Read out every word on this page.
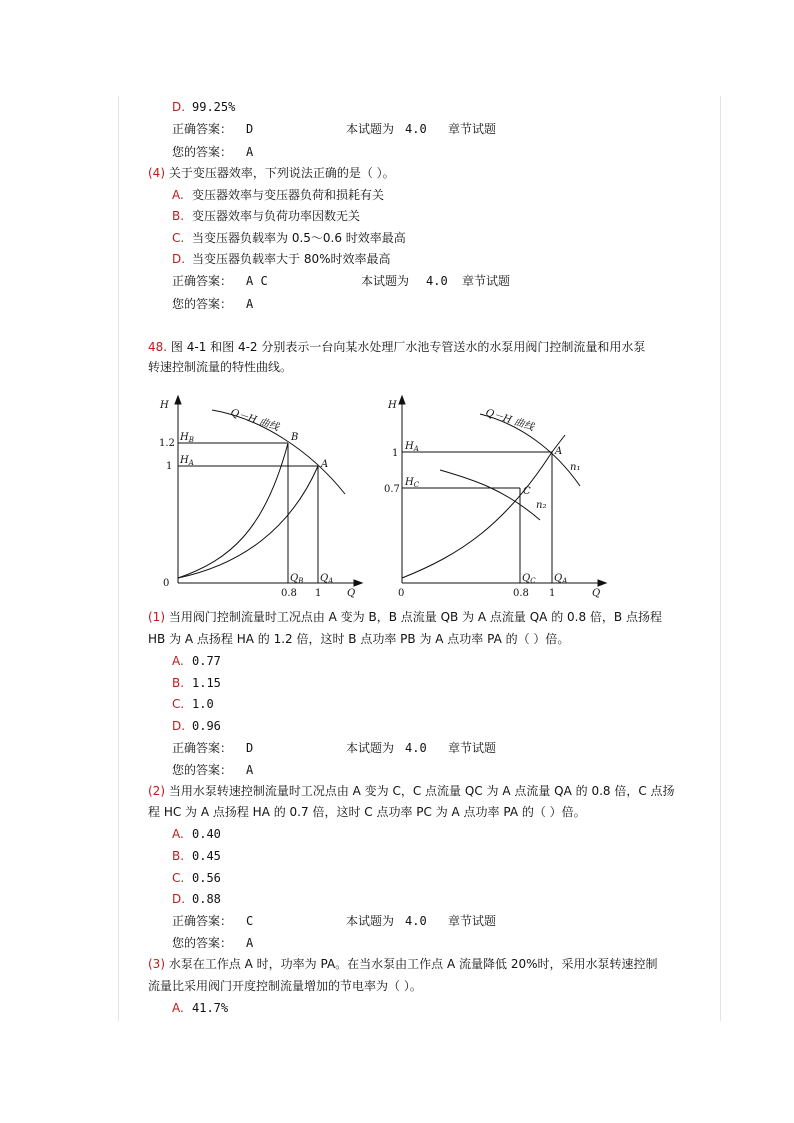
D. 99.25%
正确答案： D	本试题为 4.0 章节试题
您的答案： A
(4) 关于变压器效率，下列说法正确的是（ ）。
A. 变压器效率与变压器负荷和损耗有关
B. 变压器效率与负荷功率因数无关
C. 当变压器负载率为 0.5～0.6 时效率最高
D. 当变压器负载率大于 80%时效率最高
正确答案： A C	本试题为 4.0 章节试题
您的答案： A
48. 图 4-1 和图 4-2 分别表示一台向某水处理厂水池专管送水的水泵用阀门控制流量和用水泵
转速控制流量的特性曲线。
H
Q
Q－H 曲线
B
A
$H_B$
$H_A$
1.2
1
0	$Q_B$ $Q_A$
0.8 1
H
Q
Q－H 曲线
A
C
n₁
n₂
$H_A$
$H_C$
1
0.7
0
$Q_C$ $Q_A$
0.8 1
(1) 当用阀门控制流量时工况点由 A 变为 B，B 点流量 QB 为 A 点流量 QA 的 0.8 倍，B 点扬程
HB 为 A 点扬程 HA 的 1.2 倍，这时 B 点功率 PB 为 A 点功率 PA 的（ ）倍。
A. 0.77
B. 1.15
C. 1.0
D. 0.96
正确答案： D	本试题为 4.0 章节试题
您的答案： A
(2) 当用水泵转速控制流量时工况点由 A 变为 C，C 点流量 QC 为 A 点流量 QA 的 0.8 倍，C 点扬
程 HC 为 A 点扬程 HA 的 0.7 倍，这时 C 点功率 PC 为 A 点功率 PA 的（ ）倍。
A. 0.40
B. 0.45
C. 0.56
D. 0.88
正确答案： C	本试题为 4.0 章节试题
您的答案： A
(3) 水泵在工作点 A 时，功率为 PA。在当水泵由工作点 A 流量降低 20%时，采用水泵转速控制
流量比采用阀门开度控制流量增加的节电率为（ ）。
A. 41.7%
